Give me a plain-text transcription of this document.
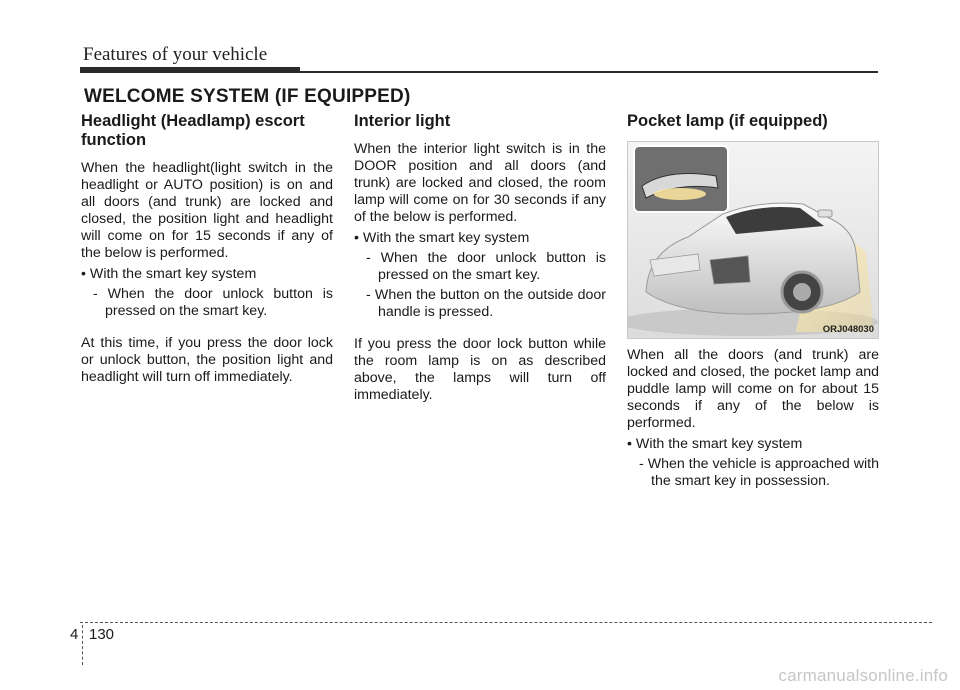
Features of your vehicle
WELCOME SYSTEM (IF EQUIPPED)
Headlight (Headlamp) escort function

When the headlight(light switch in the headlight or AUTO position) is on and all doors (and trunk) are locked and closed, the position light and headlight will come on for 15 seconds if any of the below is performed.

• With the smart key system
- When the door unlock button is pressed on the smart key.

At this time, if you press the door lock or unlock button, the position light and headlight will turn off immediately.

Interior light

When the interior light switch is in the DOOR position and all doors (and trunk) are locked and closed, the room lamp will come on for 30 seconds if any of the below is performed.

• With the smart key system
- When the door unlock button is pressed on the smart key.
- When the button on the outside door handle is pressed.

If you press the door lock button while the room lamp is on as described above, the lamps will turn off immediately.

Pocket lamp (if equipped)
ORJ048030

When all the doors (and trunk) are locked and closed, the pocket lamp and puddle lamp will come on for about 15 seconds if any of the below is performed.

• With the smart key system
- When the vehicle is approached with the smart key in possession.
4 130
carmanualsonline.info
